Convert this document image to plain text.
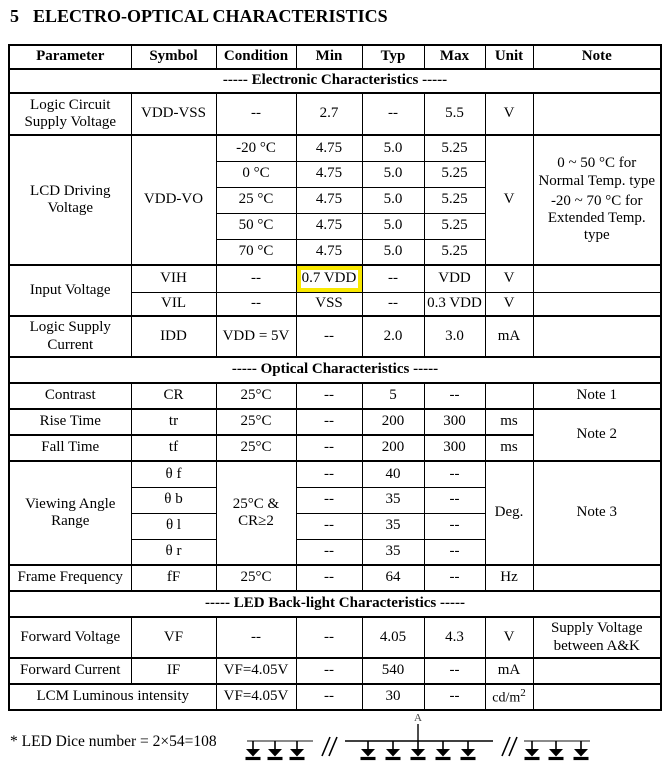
5 ELECTRO-OPTICAL CHARACTERISTICS
Parameter	Symbol	Condition	Min	Typ	Max	Unit	Note
----- Electronic Characteristics -----							
Logic Circuit Supply Voltage	VDD-VSS	--	2.7	--	5.5	V	
LCD Driving Voltage	VDD-VO	-20 °C	4.75	5.0	5.25	V	0 ~ 50 °C for Normal Temp. type
-20 ~ 70 °C for Extended Temp. type

		0 °C	4.75	5.0	5.25		
		25 °C	4.75	5.0	5.25		
		50 °C	4.75	5.0	5.25		
		70 °C	4.75	5.0	5.25		
Input Voltage	VIH	--	0.7 VDD	--	VDD	V	
	VIL	--	VSS	--	0.3 VDD	V	
Logic Supply Current	IDD	VDD = 5V	--	2.0	3.0	mA	
----- Optical Characteristics -----							
Contrast	CR	25°C	--	5	--		Note 1
Rise Time	tr	25°C	--	200	300	ms	Note 2
Fall Time	tf	25°C	--	200	300	ms	
Viewing Angle Range	θ f	25°C & CR≥2	--	40	--	Deg.	Note 3
	θ b		--	35	--		
	θ l		--	35	--		
	θ r		--	35	--		
Frame Frequency	fF	25°C	--	64	--	Hz	
----- LED Back-light Characteristics -----							
Forward Voltage	VF	--	--	4.05	4.3	V	Supply Voltage between A&K
Forward Current	IF	VF=4.05V	--	540	--	mA	
LCM Luminous intensity		VF=4.05V	--	30	--	$cd/m^2$	
* LED Dice number = 2×54=108
A
